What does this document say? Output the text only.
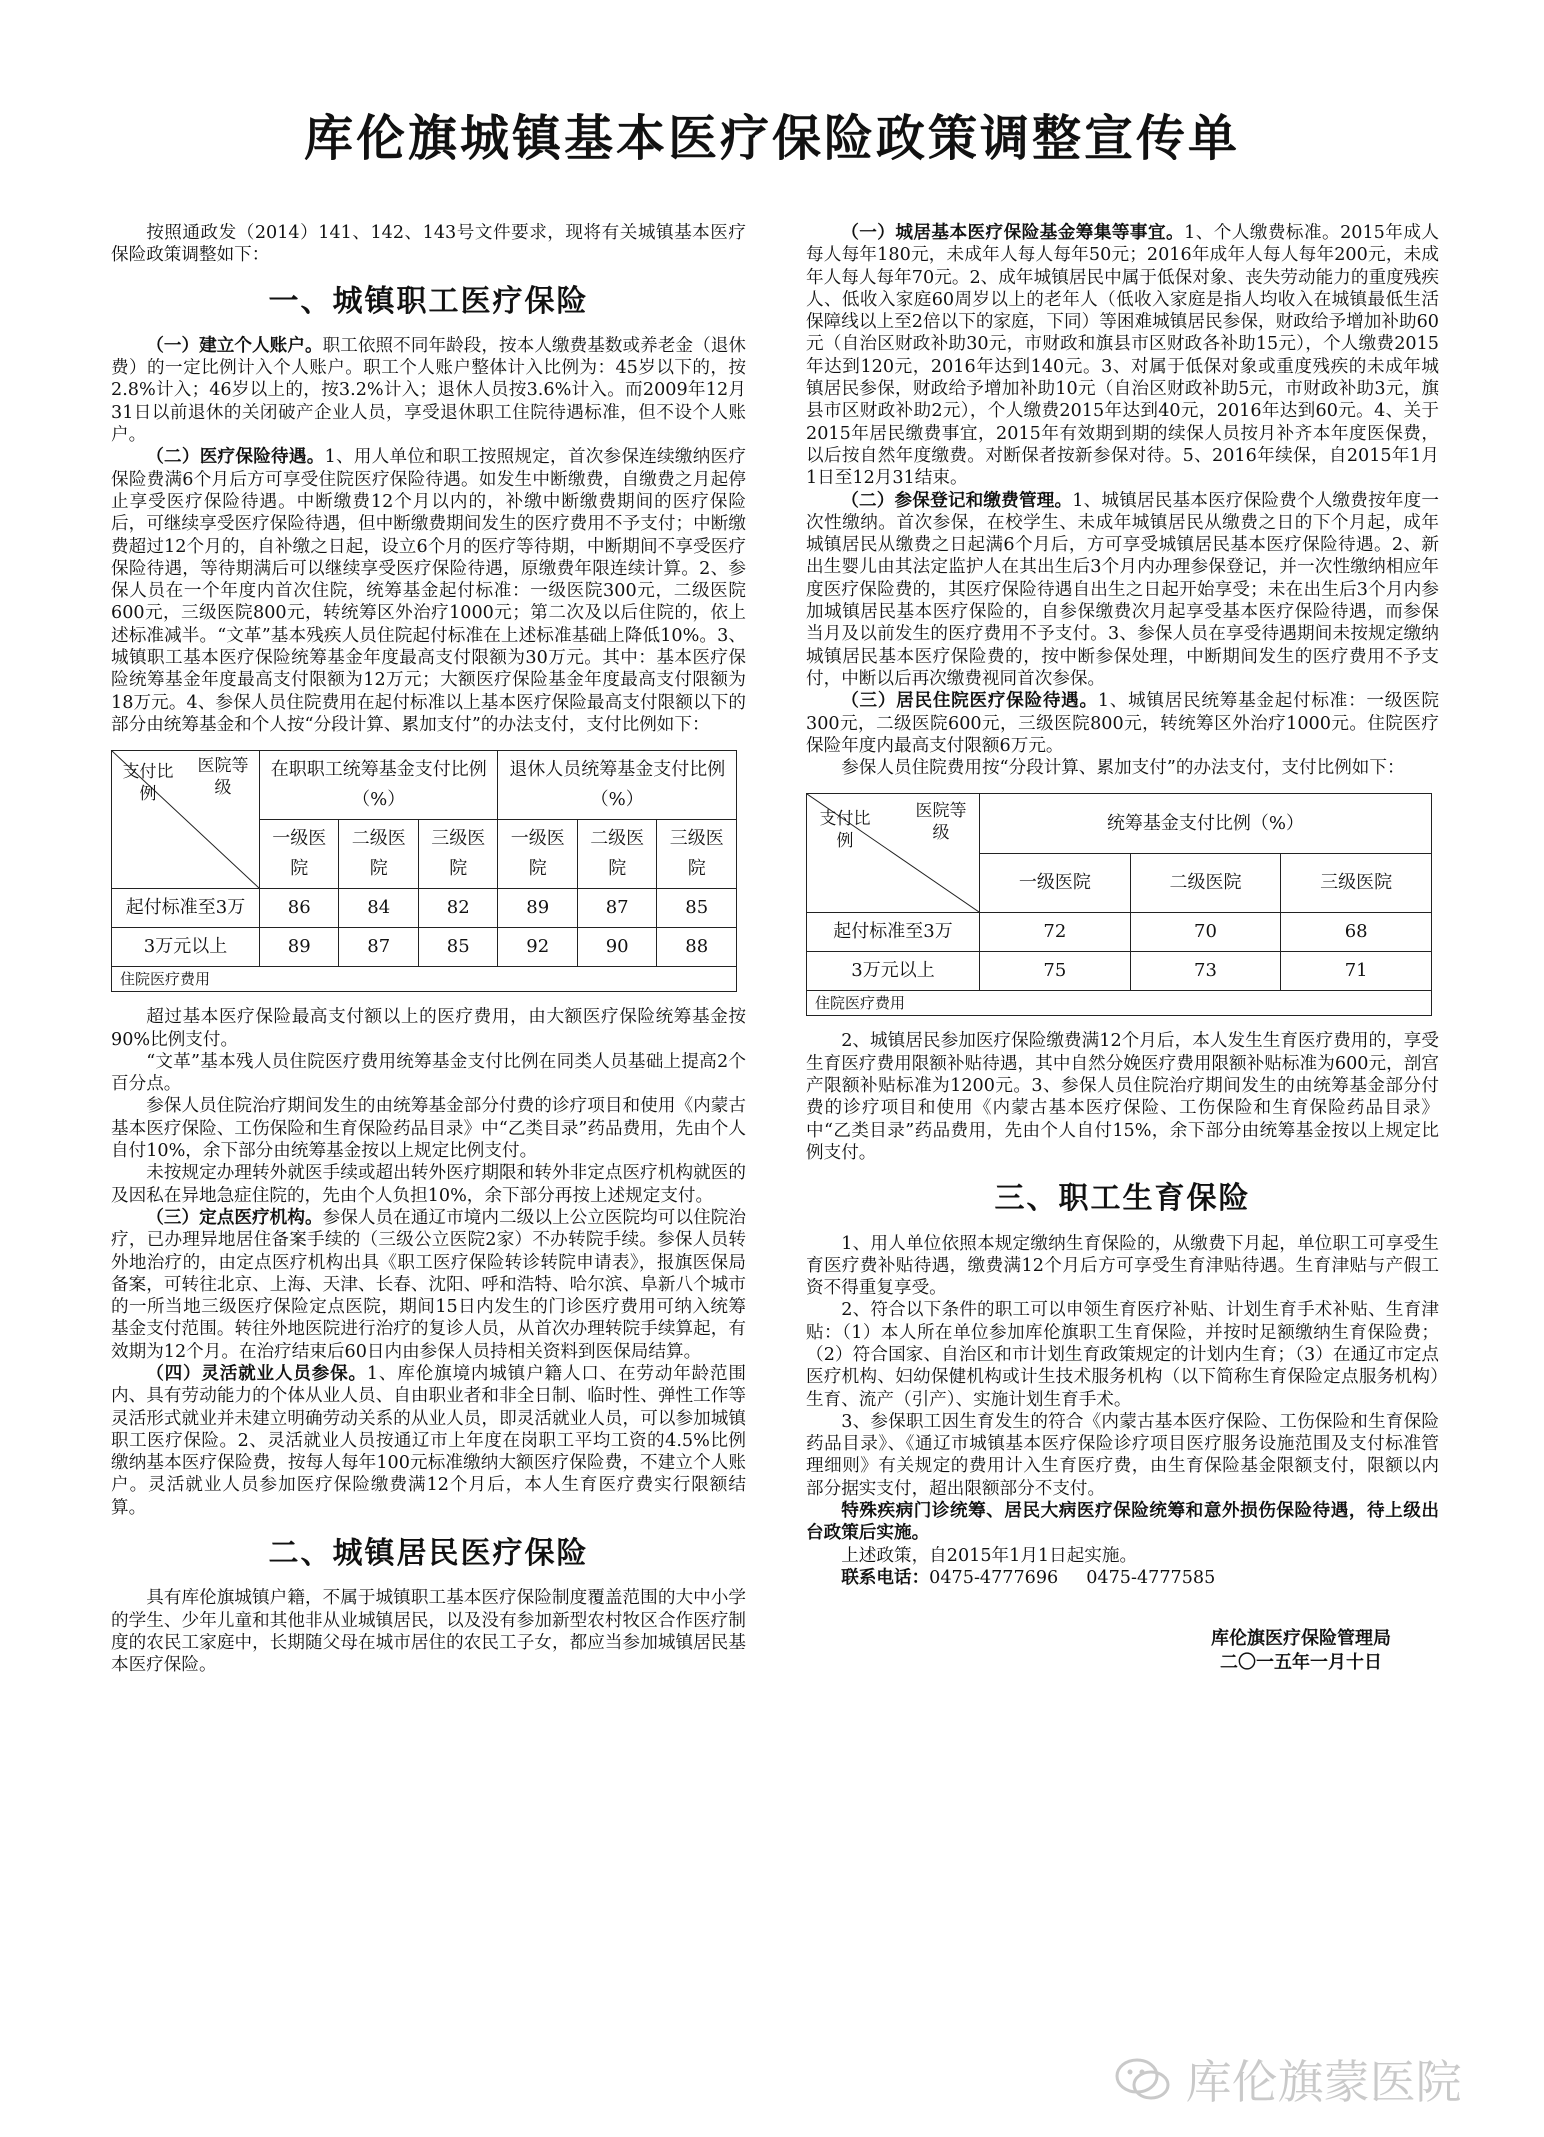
库伦旗城镇基本医疗保险政策调整宣传单

按照通政发（2014）141、142、143号文件要求，现将有关城镇基本医疗保险政策调整如下：

一、城镇职工医疗保险

（一）建立个人账户。职工依照不同年龄段，按本人缴费基数或养老金（退休费）的一定比例计入个人账户。职工个人账户整体计入比例为：45岁以下的，按2.8%计入；46岁以上的，按3.2%计入；退休人员按3.6%计入。而2009年12月31日以前退休的关闭破产企业人员，享受退休职工住院待遇标准，但不设个人账户。

（二）医疗保险待遇。1、用人单位和职工按照规定，首次参保连续缴纳医疗保险费满6个月后方可享受住院医疗保险待遇。如发生中断缴费，自缴费之月起停止享受医疗保险待遇。中断缴费12个月以内的，补缴中断缴费期间的医疗保险后，可继续享受医疗保险待遇，但中断缴费期间发生的医疗费用不予支付；中断缴费超过12个月的，自补缴之日起，设立6个月的医疗等待期，中断期间不享受医疗保险待遇，等待期满后可以继续享受医疗保险待遇，原缴费年限连续计算。2、参保人员在一个年度内首次住院，统筹基金起付标准：一级医院300元，二级医院600元，三级医院800元，转统筹区外治疗1000元；第二次及以后住院的，依上述标准减半。“文革”基本残疾人员住院起付标准在上述标准基础上降低10%。3、城镇职工基本医疗保险统筹基金年度最高支付限额为30万元。其中：基本医疗保险统筹基金年度最高支付限额为12万元；大额医疗保险基金年度最高支付限额为18万元。4、参保人员住院费用在起付标准以上基本医疗保险最高支付限额以下的部分由统筹基金和个人按“分段计算、累加支付”的办法支付，支付比例如下：

医院等级
支付比例	在职职工统筹基金支付比例（%）			退休人员统筹基金支付比例（%）		
	一级医院	二级医院	三级医院	一级医院	二级医院	三级医院
起付标准至3万	86	84	82	89	87	85
3万元以上	89	87	85	92	90	88
住院医疗费用						

超过基本医疗保险最高支付额以上的医疗费用，由大额医疗保险统筹基金按90%比例支付。

“文革”基本残人员住院医疗费用统筹基金支付比例在同类人员基础上提高2个百分点。

参保人员住院治疗期间发生的由统筹基金部分付费的诊疗项目和使用《内蒙古基本医疗保险、工伤保险和生育保险药品目录》中“乙类目录”药品费用，先由个人自付10%，余下部分由统筹基金按以上规定比例支付。

未按规定办理转外就医手续或超出转外医疗期限和转外非定点医疗机构就医的及因私在异地急症住院的，先由个人负担10%，余下部分再按上述规定支付。

（三）定点医疗机构。参保人员在通辽市境内二级以上公立医院均可以住院治疗，已办理异地居住备案手续的（三级公立医院2家）不办转院手续。参保人员转外地治疗的，由定点医疗机构出具《职工医疗保险转诊转院申请表》，报旗医保局备案，可转往北京、上海、天津、长春、沈阳、呼和浩特、哈尔滨、阜新八个城市的一所当地三级医疗保险定点医院，期间15日内发生的门诊医疗费用可纳入统筹基金支付范围。转往外地医院进行治疗的复诊人员，从首次办理转院手续算起，有效期为12个月。在治疗结束后60日内由参保人员持相关资料到医保局结算。

（四）灵活就业人员参保。1、库伦旗境内城镇户籍人口、在劳动年龄范围内、具有劳动能力的个体从业人员、自由职业者和非全日制、临时性、弹性工作等灵活形式就业并未建立明确劳动关系的从业人员，即灵活就业人员，可以参加城镇职工医疗保险。2、灵活就业人员按通辽市上年度在岗职工平均工资的4.5%比例缴纳基本医疗保险费，按每人每年100元标准缴纳大额医疗保险费，不建立个人账户。灵活就业人员参加医疗保险缴费满12个月后，本人生育医疗费实行限额结算。

二、城镇居民医疗保险

具有库伦旗城镇户籍，不属于城镇职工基本医疗保险制度覆盖范围的大中小学的学生、少年儿童和其他非从业城镇居民，以及没有参加新型农村牧区合作医疗制度的农民工家庭中，长期随父母在城市居住的农民工子女，都应当参加城镇居民基本医疗保险。

（一）城居基本医疗保险基金筹集等事宜。1、个人缴费标准。2015年成人每人每年180元，未成年人每人每年50元；2016年成年人每人每年200元，未成年人每人每年70元。2、成年城镇居民中属于低保对象、丧失劳动能力的重度残疾人、低收入家庭60周岁以上的老年人（低收入家庭是指人均收入在城镇最低生活保障线以上至2倍以下的家庭，下同）等困难城镇居民参保，财政给予增加补助60元（自治区财政补助30元，市财政和旗县市区财政各补助15元），个人缴费2015年达到120元，2016年达到140元。3、对属于低保对象或重度残疾的未成年城镇居民参保，财政给予增加补助10元（自治区财政补助5元，市财政补助3元，旗县市区财政补助2元），个人缴费2015年达到40元，2016年达到60元。4、关于2015年居民缴费事宜，2015年有效期到期的续保人员按月补齐本年度医保费，以后按自然年度缴费。对断保者按新参保对待。5、2016年续保，自2015年1月1日至12月31结束。

（二）参保登记和缴费管理。1、城镇居民基本医疗保险费个人缴费按年度一次性缴纳。首次参保，在校学生、未成年城镇居民从缴费之日的下个月起，成年城镇居民从缴费之日起满6个月后，方可享受城镇居民基本医疗保险待遇。2、新出生婴儿由其法定监护人在其出生后3个月内办理参保登记，并一次性缴纳相应年度医疗保险费的，其医疗保险待遇自出生之日起开始享受；未在出生后3个月内参加城镇居民基本医疗保险的，自参保缴费次月起享受基本医疗保险待遇，而参保当月及以前发生的医疗费用不予支付。3、参保人员在享受待遇期间未按规定缴纳城镇居民基本医疗保险费的，按中断参保处理，中断期间发生的医疗费用不予支付，中断以后再次缴费视同首次参保。

（三）居民住院医疗保险待遇。1、城镇居民统筹基金起付标准：一级医院300元，二级医院600元，三级医院800元，转统筹区外治疗1000元。住院医疗保险年度内最高支付限额6万元。

参保人员住院费用按“分段计算、累加支付”的办法支付，支付比例如下：

医院等级
支付比例	统筹基金支付比例（%）		
	一级医院	二级医院	三级医院
起付标准至3万	72	70	68
3万元以上	75	73	71
住院医疗费用			

2、城镇居民参加医疗保险缴费满12个月后，本人发生生育医疗费用的，享受生育医疗费用限额补贴待遇，其中自然分娩医疗费用限额补贴标准为600元，剖宫产限额补贴标准为1200元。3、参保人员住院治疗期间发生的由统筹基金部分付费的诊疗项目和使用《内蒙古基本医疗保险、工伤保险和生育保险药品目录》中“乙类目录”药品费用，先由个人自付15%，余下部分由统筹基金按以上规定比例支付。

三、职工生育保险

1、用人单位依照本规定缴纳生育保险的，从缴费下月起，单位职工可享受生育医疗费补贴待遇，缴费满12个月后方可享受生育津贴待遇。生育津贴与产假工资不得重复享受。

2、符合以下条件的职工可以申领生育医疗补贴、计划生育手术补贴、生育津贴：（1）本人所在单位参加库伦旗职工生育保险，并按时足额缴纳生育保险费；（2）符合国家、自治区和市计划生育政策规定的计划内生育；（3）在通辽市定点医疗机构、妇幼保健机构或计生技术服务机构（以下简称生育保险定点服务机构）生育、流产（引产）、实施计划生育手术。

3、参保职工因生育发生的符合《内蒙古基本医疗保险、工伤保险和生育保险药品目录》、《通辽市城镇基本医疗保险诊疗项目医疗服务设施范围及支付标准管理细则》有关规定的费用计入生育医疗费，由生育保险基金限额支付，限额以内部分据实支付，超出限额部分不支付。

特殊疾病门诊统筹、居民大病医疗保险统筹和意外损伤保险待遇，待上级出台政策后实施。

上述政策，自2015年1月1日起实施。

联系电话：0475-4777696 0475-4777585

库伦旗医疗保险管理局
二〇一五年一月十日
库伦旗蒙医院
